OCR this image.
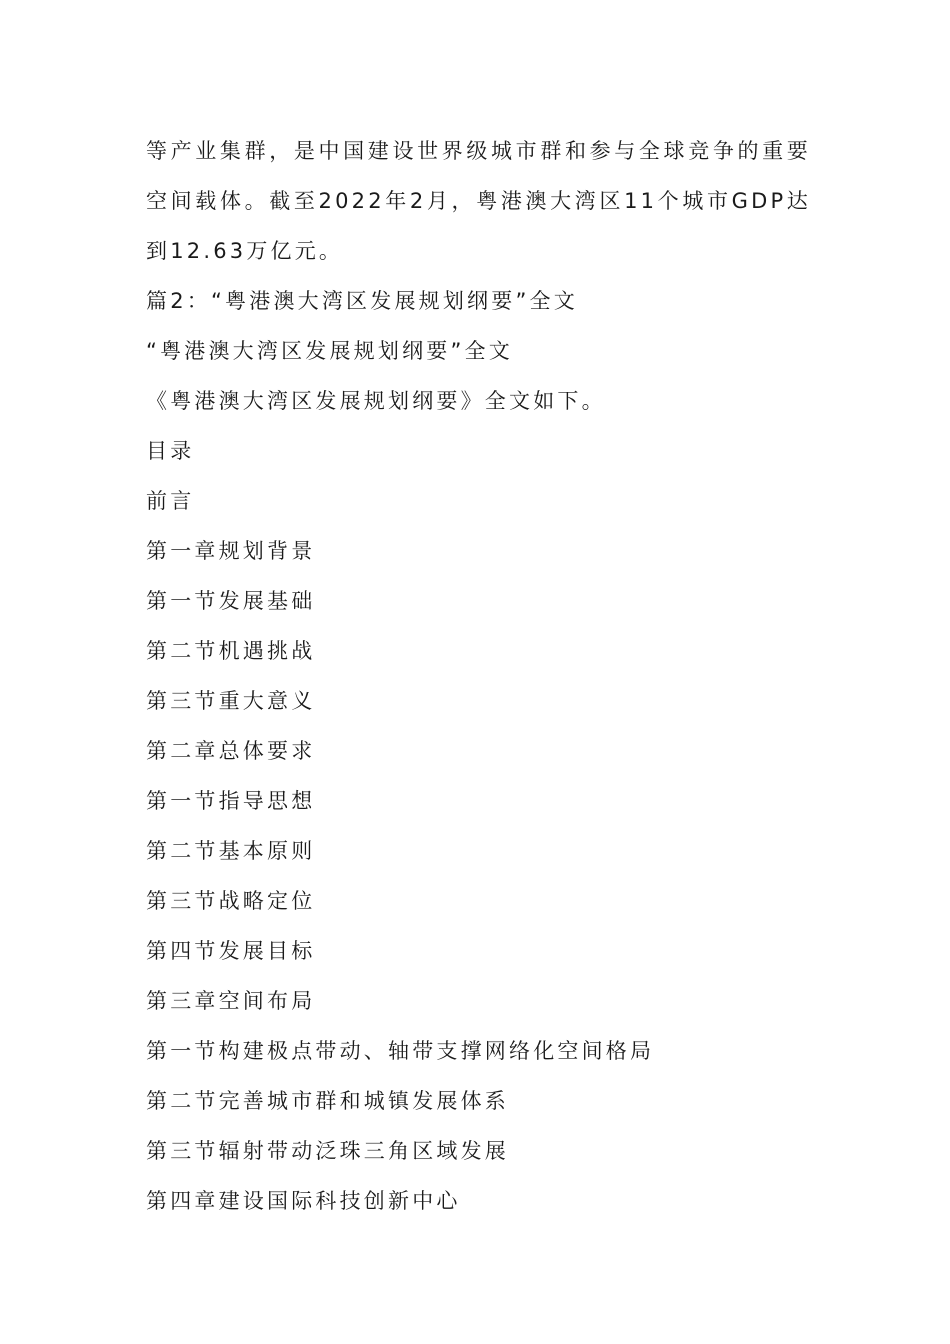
等产业集群，是中国建设世界级城市群和参与全球竞争的重要空间载体。截至2022年2月，粤港澳大湾区11个城市GDP达到12.63万亿元。

篇2：“粤港澳大湾区发展规划纲要”全文

“粤港澳大湾区发展规划纲要”全文

《粤港澳大湾区发展规划纲要》全文如下。

目录

前言

第一章规划背景

第一节发展基础

第二节机遇挑战

第三节重大意义

第二章总体要求

第一节指导思想

第二节基本原则

第三节战略定位

第四节发展目标

第三章空间布局

第一节构建极点带动、轴带支撑网络化空间格局

第二节完善城市群和城镇发展体系

第三节辐射带动泛珠三角区域发展

第四章建设国际科技创新中心
